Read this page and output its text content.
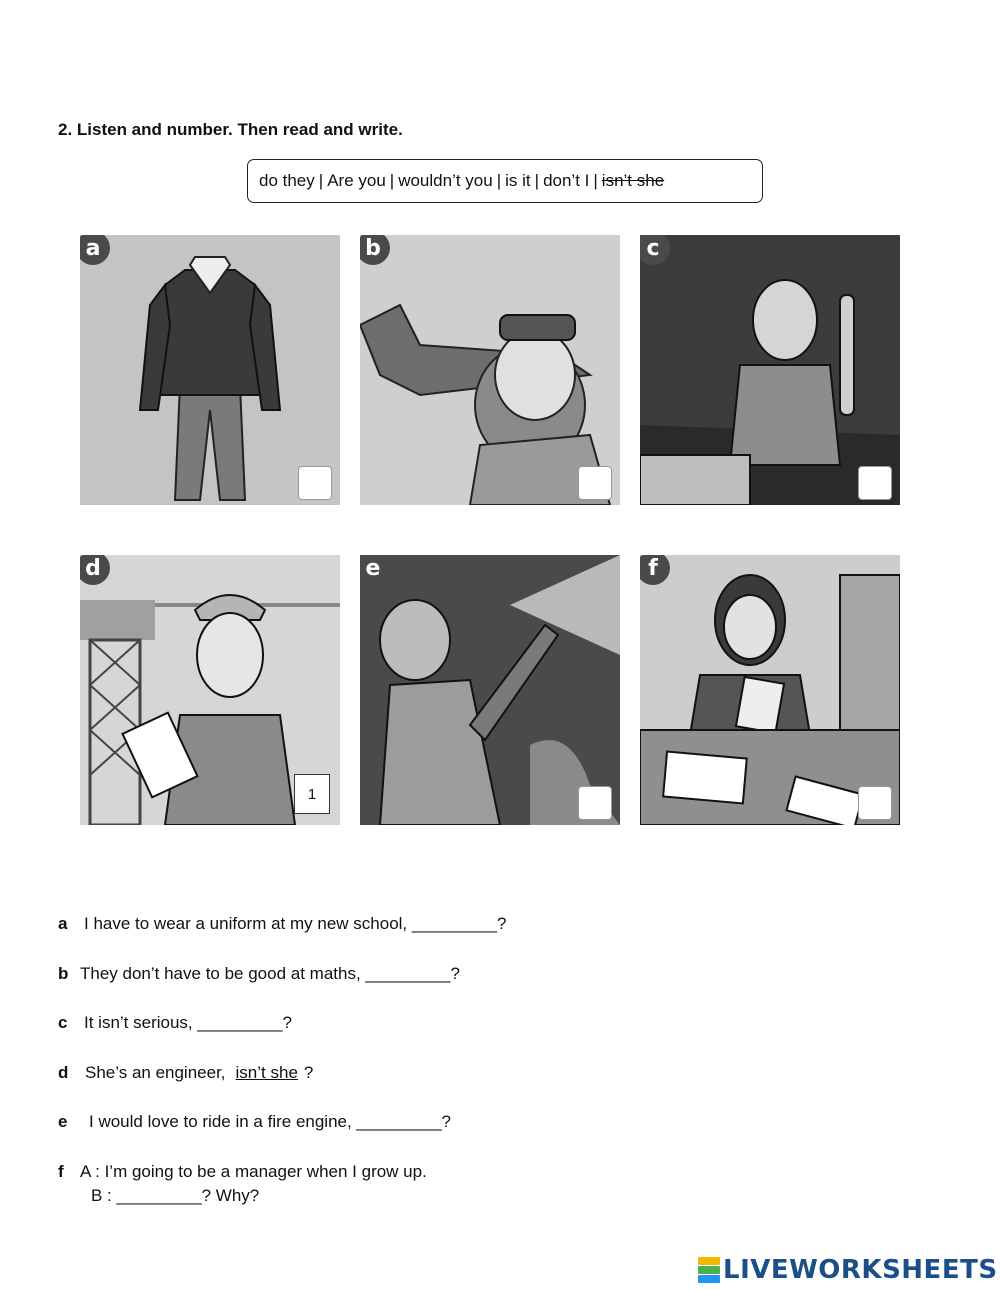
2. Listen and number. Then read and write.
do they | Are you | wouldn’t you | is it | don’t I | isn’t she
a	b	c
d
1
e	f
a I have to wear a uniform at my new school, _________?
b They don’t have to be good at maths, _________?
c It isn’t serious, _________?
d She’s an engineer, isn’t she ?
e I would love to ride in a fire engine, _________?
f A : I’m going to be a manager when I grow up.
B : _________? Why?
LIVEWORKSHEETS
